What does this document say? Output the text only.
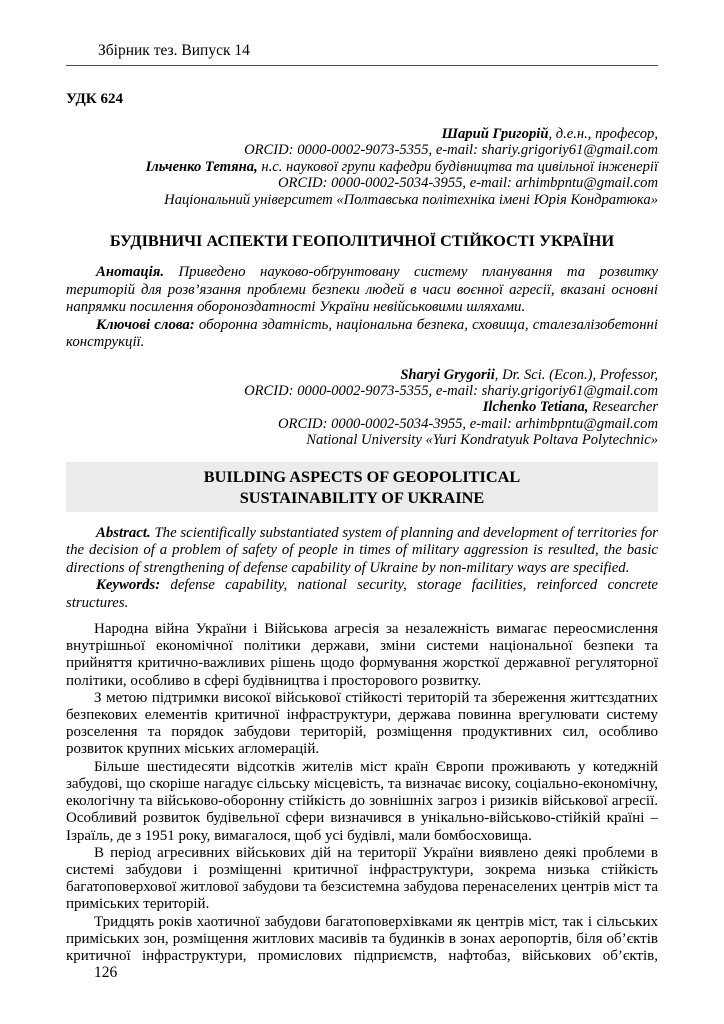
Збірник тез. Випуск 14
УДК 624
Шарий Григорій, д.е.н., професор,
ORCID: 0000-0002-9073-5355, e-mail: shariy.grigoriy61@gmail.com
Ільченко Тетяна, н.с. наукової групи кафедри будівництва та цивільної інженерії
ORCID: 0000-0002-5034-3955, e-mail: arhimbpntu@gmail.com
Національний університет «Полтавська політехніка імені Юрія Кондратюка»
БУДІВНИЧІ АСПЕКТИ ГЕОПОЛІТИЧНОЇ СТІЙКОСТІ УКРАЇНИ

Анотація. Приведено науково-обґрунтовану систему планування та розвитку територій для розв’язання проблеми безпеки людей в часи воєнної агресії, вказані основні напрямки посилення обороноздатності України невійськовими шляхами.

Ключові слова: оборонна здатність, національна безпека, сховища, сталезалізобетонні конструкції.

Sharyi Grygorii, Dr. Sci. (Econ.), Professor,
ORCID: 0000-0002-9073-5355, e-mail: shariy.grigoriy61@gmail.com
Ilchenko Tetiana, Researcher
ORCID: 0000-0002-5034-3955, e-mail: arhimbpntu@gmail.com
National University «Yuri Kondratyuk Poltava Polytechnic»
BUILDING ASPECTS OF GEOPOLITICAL
SUSTAINABILITY OF UKRAINE

Abstract. The scientifically substantiated system of planning and development of territories for the decision of a problem of safety of people in times of military aggression is resulted, the basic directions of strengthening of defense capability of Ukraine by non-military ways are specified.

Keywords: defense capability, national security, storage facilities, reinforced concrete structures.

Народна війна України і Військова агресія за незалежність вимагає переосмислення внутрішньої економічної політики держави, зміни системи національної безпеки та прийняття критично-важливих рішень щодо формування жорсткої державної регуляторної політики, особливо в сфері будівництва і просторового розвитку.

З метою підтримки високої військової стійкості територій та збереження життєздатних безпекових елементів критичної інфраструктури, держава повинна врегулювати систему розселення та порядок забудови територій, розміщення продуктивних сил, особливо розвиток крупних міських агломерацій.

Більше шестидесяти відсотків жителів міст країн Європи проживають у котеджній забудові, що скоріше нагадує сільську місцевість, та визначає високу, соціально-економічну, екологічну та військово-оборонну стійкість до зовнішніх загроз і ризиків військової агресії. Особливий розвиток будівельної сфери визначився в унікально-військово-стійкій країні – Ізраїль, де з 1951 року, вимагалося, щоб усі будівлі, мали бомбосховища.

В період агресивних військових дій на території України виявлено деякі проблеми в системі забудови і розміщенні критичної інфраструктури, зокрема низька стійкість багатоповерхової житлової забудови та безсистемна забудова перенаселених центрів міст та приміських територій.

Тридцять років хаотичної забудови багатоповерхівками як центрів міст, так і сільських приміських зон, розміщення житлових масивів та будинків в зонах аеропортів, біля об’єктів критичної інфраструктури, промислових підприємств, нафтобаз, військових об’єктів,

126
